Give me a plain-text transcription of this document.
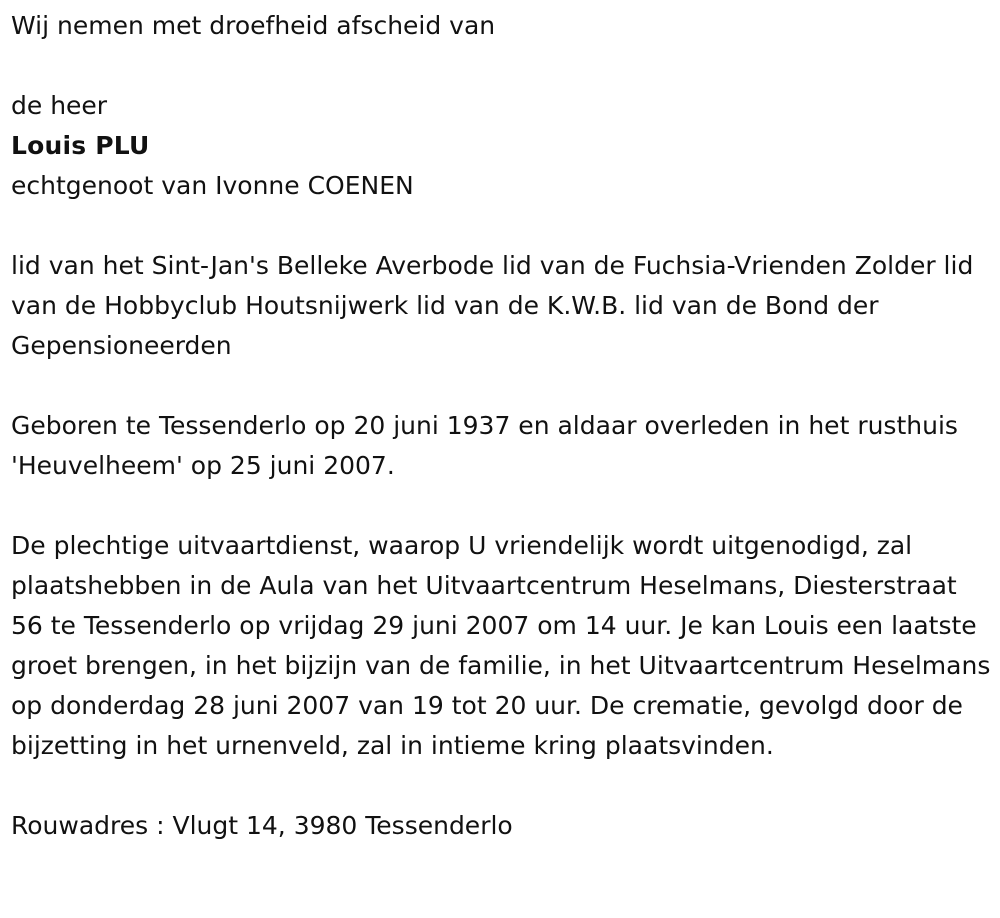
Wij nemen met droefheid afscheid van
de heer
Louis PLU
echtgenoot van Ivonne COENEN

lid van het Sint-Jan's Belleke Averbode lid van de Fuchsia-Vrienden Zolder lid van de Hobbyclub Houtsnijwerk lid van de K.W.B. lid van de Bond der Gepensioneerden

Geboren te Tessenderlo op 20 juni 1937 en aldaar overleden in het rusthuis 'Heuvelheem' op 25 juni 2007.

De plechtige uitvaartdienst, waarop U vriendelijk wordt uitgenodigd, zal plaatshebben in de Aula van het Uitvaartcentrum Heselmans, Diesterstraat 56 te Tessenderlo op vrijdag 29 juni 2007 om 14 uur. Je kan Louis een laatste groet brengen, in het bijzijn van de familie, in het Uitvaartcentrum Heselmans op donderdag 28 juni 2007 van 19 tot 20 uur. De crematie, gevolgd door de bijzetting in het urnenveld, zal in intieme kring plaatsvinden.

Rouwadres : Vlugt 14, 3980 Tessenderlo
